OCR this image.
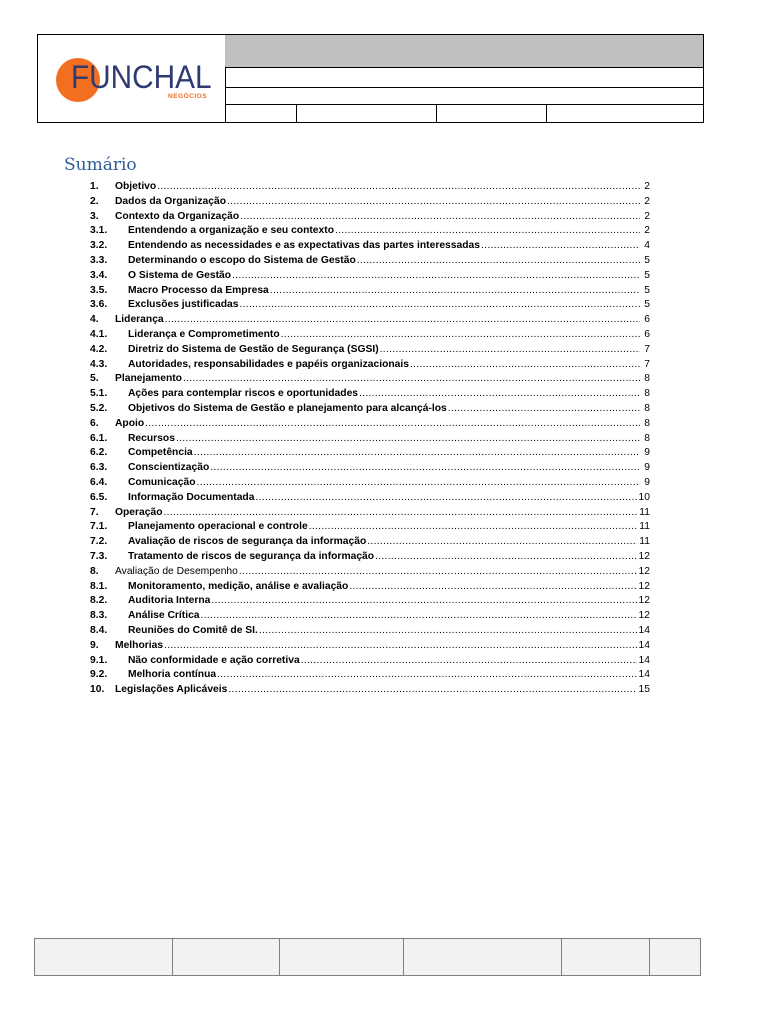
FUNCHAL
NEGÓCIOS
Sumário
1.	Objetivo .....	2
2.	Dados da Organização .....	2
3.	Contexto da Organização .....	2
3.1.	Entendendo a organização e seu contexto .....	2
3.2.	Entendendo as necessidades e as expectativas das partes interessadas .....	4
3.3.	Determinando o escopo do Sistema de Gestão .....	5
3.4.	O Sistema de Gestão .....	5
3.5.	Macro Processo da Empresa .....	5
3.6.	Exclusões justificadas .....	5
4.	Liderança .....	6
4.1.	Liderança e Comprometimento .....	6
4.2.	Diretriz do Sistema de Gestão de Segurança (SGSI) .....	7
4.3.	Autoridades, responsabilidades e papéis organizacionais .....	7
5.	Planejamento .....	8
5.1.	Ações para contemplar riscos e oportunidades .....	8
5.2.	Objetivos do Sistema de Gestão e planejamento para alcançá-los .....	8
6.	Apoio .....	8
6.1.	Recursos .....	8
6.2.	Competência .....	9
6.3.	Conscientização .....	9
6.4.	Comunicação .....	9
6.5.	Informação Documentada .....	10
7.	Operação .....	11
7.1.	Planejamento operacional e controle .....	11
7.2.	Avaliação de riscos de segurança da informação .....	11
7.3.	Tratamento de riscos de segurança da informação .....	12
8.	Avaliação de Desempenho .....	12
8.1.	Monitoramento, medição, análise e avaliação .....	12
8.2.	Auditoria Interna .....	12
8.3.	Análise Crítica .....	12
8.4.	Reuniões do Comitê de SI. .....	14
9.	Melhorias .....	14
9.1.	Não conformidade e ação corretiva .....	14
9.2.	Melhoria contínua .....	14
10.	Legislações Aplicáveis .....	15
